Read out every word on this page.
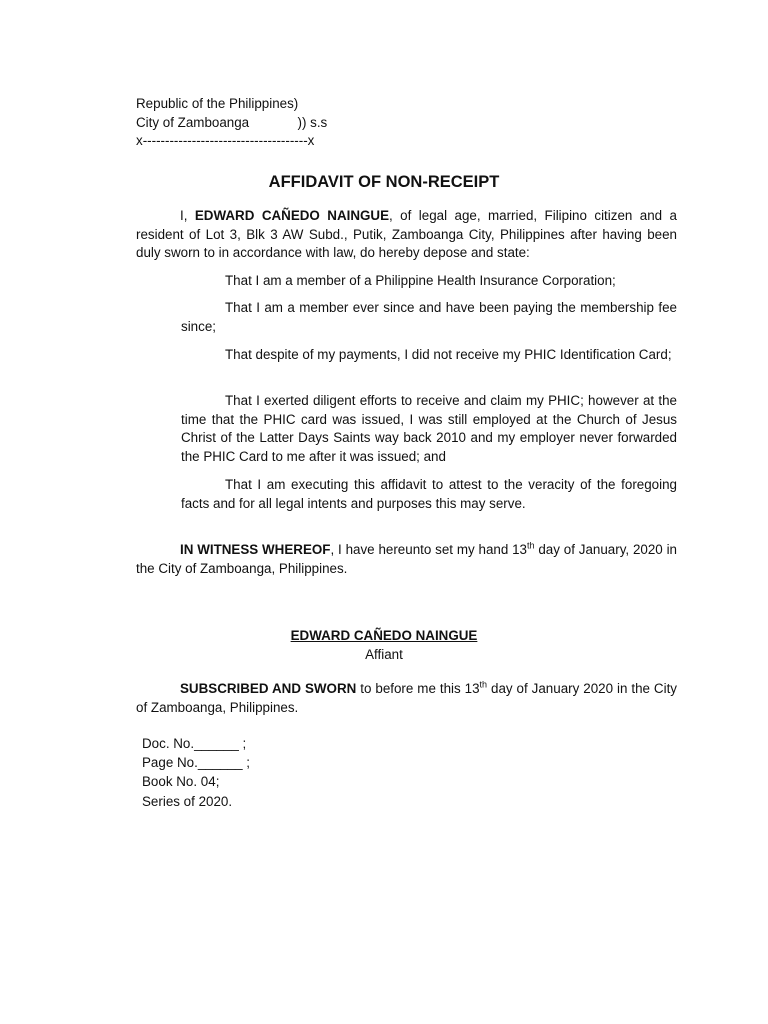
Republic of the Philippines)
City of Zamboanga             )) s.s
x-------------------------------------x
AFFIDAVIT OF NON-RECEIPT
I, EDWARD CAÑEDO NAINGUE, of legal age, married, Filipino citizen and a resident of Lot 3, Blk 3 AW Subd., Putik, Zamboanga City, Philippines after having been duly sworn to in accordance with law, do hereby depose and state:
That I am a member of a Philippine Health Insurance Corporation;
That I am a member ever since and have been paying the membership fee since;
That despite of my payments, I did not receive my PHIC Identification Card;
That I exerted diligent efforts to receive and claim my PHIC; however at the time that the PHIC card was issued, I was still employed at the Church of Jesus Christ of the Latter Days Saints way back 2010 and my employer never forwarded the PHIC Card to me after it was issued; and
That I am executing this affidavit to attest to the veracity of the foregoing facts and for all legal intents and purposes this may serve.
IN WITNESS WHEREOF, I have hereunto set my hand 13th day of January, 2020 in the City of Zamboanga, Philippines.
EDWARD CAÑEDO NAINGUE
Affiant
SUBSCRIBED AND SWORN to before me this 13th day of January 2020 in the City of Zamboanga, Philippines.
Doc. No.______ ;
Page No.______ ;
Book No. 04;
Series of 2020.
